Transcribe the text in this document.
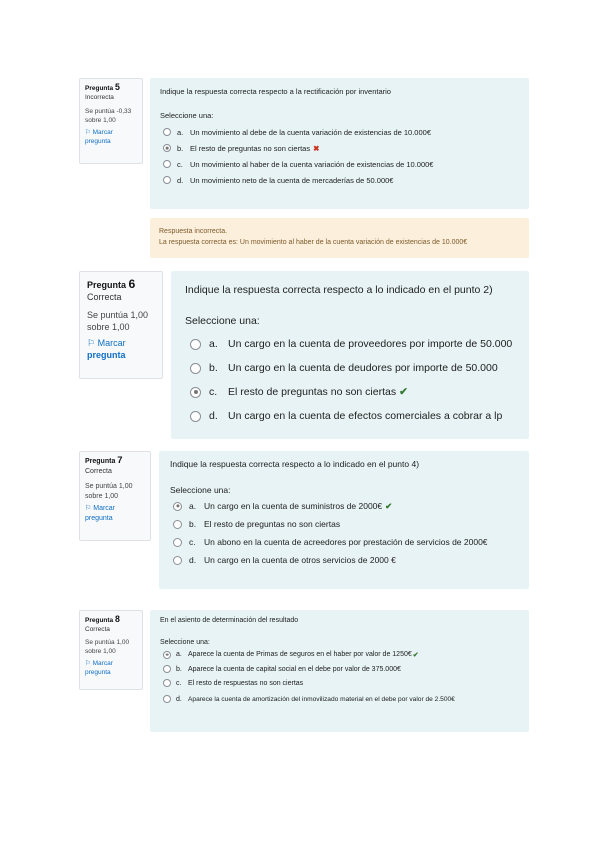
Pregunta 5
Incorrecta
Se puntúa -0,33
sobre 1,00
⚐ Marcar
pregunta
Indique la respuesta correcta respecto a la rectificación por inventario
Seleccione una:
a. Un movimiento al debe de la cuenta variación de existencias de 10.000€
b. El resto de preguntas no son ciertas ✖
c. Un movimiento al haber de la cuenta variación de existencias de 10.000€
d. Un movimiento neto de la cuenta de mercaderías de 50.000€
Respuesta incorrecta.
La respuesta correcta es: Un movimiento al haber de la cuenta variación de existencias de 10.000€
Pregunta 6
Correcta
Se puntúa 1,00
sobre 1,00
⚐ Marcar
pregunta
Indique la respuesta correcta respecto a lo indicado en el punto 2)
Seleccione una:
a. Un cargo en la cuenta de proveedores por importe de 50.000
b. Un cargo en la cuenta de deudores por importe de 50.000
c.	El resto de preguntas no son ciertas ✔
d. Un cargo en la cuenta de efectos comerciales a cobrar a lp
Pregunta 7
Correcta
Se puntúa 1,00
sobre 1,00
⚐ Marcar
pregunta
Indique la respuesta correcta respecto a lo indicado en el punto 4)
Seleccione una:
a. Un cargo en la cuenta de suministros de 2000€ ✔
b. El resto de preguntas no son ciertas
c. Un abono en la cuenta de acreedores por prestación de servicios de 2000€
d. Un cargo en la cuenta de otros servicios de 2000 €
Pregunta 8
Correcta
Se puntúa 1,00
sobre 1,00
⚐ Marcar
pregunta
En el asiento de determinación del resultado
Seleccione una:
a. Aparece la cuenta de Primas de seguros en el haber por valor de 1250€ ✔
b. Aparece la cuenta de capital social en el debe por valor de 375.000€
c. El resto de respuestas no son ciertas
d. Aparece la cuenta de amortización del inmovilizado material en el debe por valor de 2.500€
